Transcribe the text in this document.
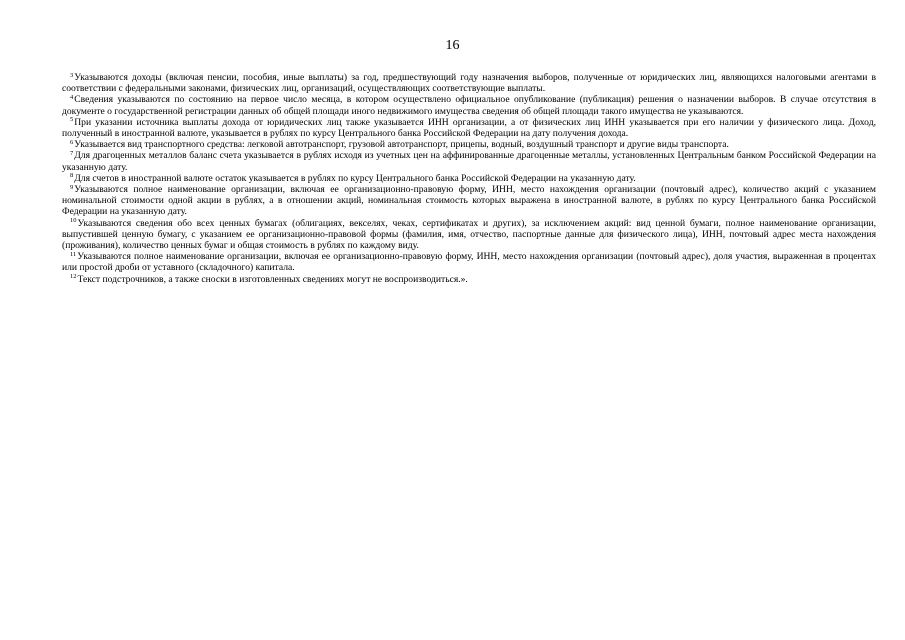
16

$^3$Указываются доходы (включая пенсии, пособия, иные выплаты) за год, предшествующий году назначения выборов, полученные от юридических лиц, являющихся налоговыми агентами в соответствии с федеральными законами, физических лиц, организаций, осуществляющих соответствующие выплаты.

$^4$Сведения указываются по состоянию на первое число месяца, в котором осуществлено официальное опубликование (публикация) решения о назначении выборов. В случае отсутствия в документе о государственной регистрации данных об общей площади иного недвижимого имущества сведения об общей площади такого имущества не указываются.

$^5$При указании источника выплаты дохода от юридических лиц также указывается ИНН организации, а от физических лиц ИНН указывается при его наличии у физического лица. Доход, полученный в иностранной валюте, указывается в рублях по курсу Центрального банка Российской Федерации на дату получения дохода.

$^6$Указывается вид транспортного средства: легковой автотранспорт, грузовой автотранспорт, прицепы, водный, воздушный транспорт и другие виды транспорта.

$^7$Для драгоценных металлов баланс счета указывается в рублях исходя из учетных цен на аффинированные драгоценные металлы, установленных Центральным банком Российской Федерации на указанную дату.

$^8$Для счетов в иностранной валюте остаток указывается в рублях по курсу Центрального банка Российской Федерации на указанную дату.

$^9$Указываются полное наименование организации, включая ее организационно-правовую форму, ИНН, место нахождения организации (почтовый адрес), количество акций с указанием номинальной стоимости одной акции в рублях, а в отношении акций, номинальная стоимость которых выражена в иностранной валюте, в рублях по курсу Центрального банка Российской Федерации на указанную дату.

$^{10}$Указываются сведения обо всех ценных бумагах (облигациях, векселях, чеках, сертификатах и других), за исключением акций: вид ценной бумаги, полное наименование организации, выпустившей ценную бумагу, с указанием ее организационно-правовой формы (фамилия, имя, отчество, паспортные данные для физического лица), ИНН, почтовый адрес места нахождения (проживания), количество ценных бумаг и общая стоимость в рублях по каждому виду.

$^{11}$Указываются полное наименование организации, включая ее организационно-правовую форму, ИНН, место нахождения организации (почтовый адрес), доля участия, выраженная в процентах или простой дроби от уставного (складочного) капитала.

$^{12}$Текст подстрочников, а также сноски в изготовленных сведениях могут не воспроизводиться.».
